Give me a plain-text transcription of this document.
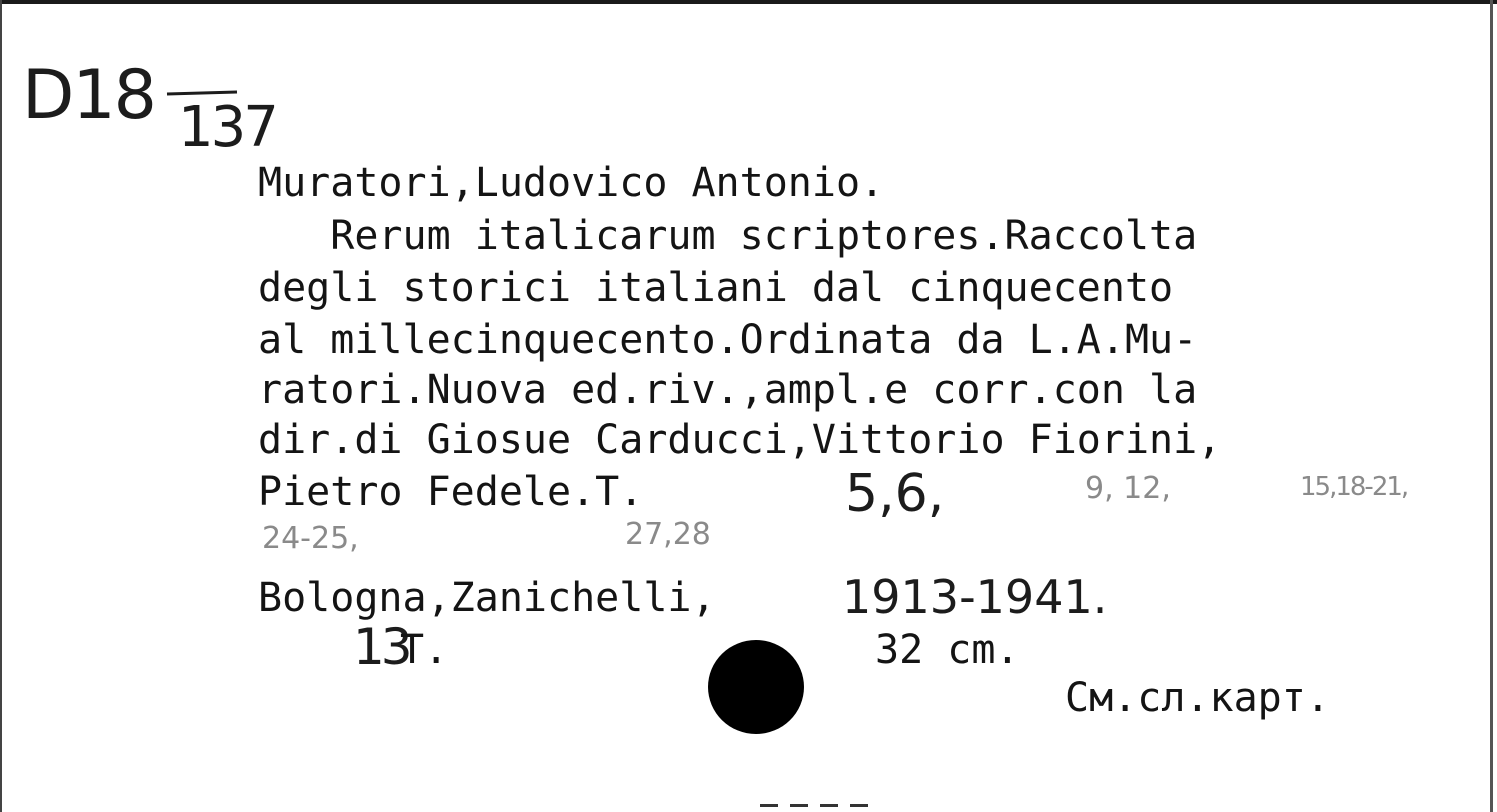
D18 137

Muratori,Ludovico Antonio.

Rerum italicarum scriptores.Raccolta

degli storici italiani dal cinquecento

al millecinquecento.Ordinata da L.A.Mu-

ratori.Nuova ed.riv.,ampl.e corr.con la

dir.di Giosue Carducci,Vittorio Fiorini,

Pietro Fedele.T.	5,6,	9, 12,	15,18-21,
24-25,	27,28

Bologna,Zanichelli,	1913-1941.
13

T.	32 cm.

См.сл.карт.
